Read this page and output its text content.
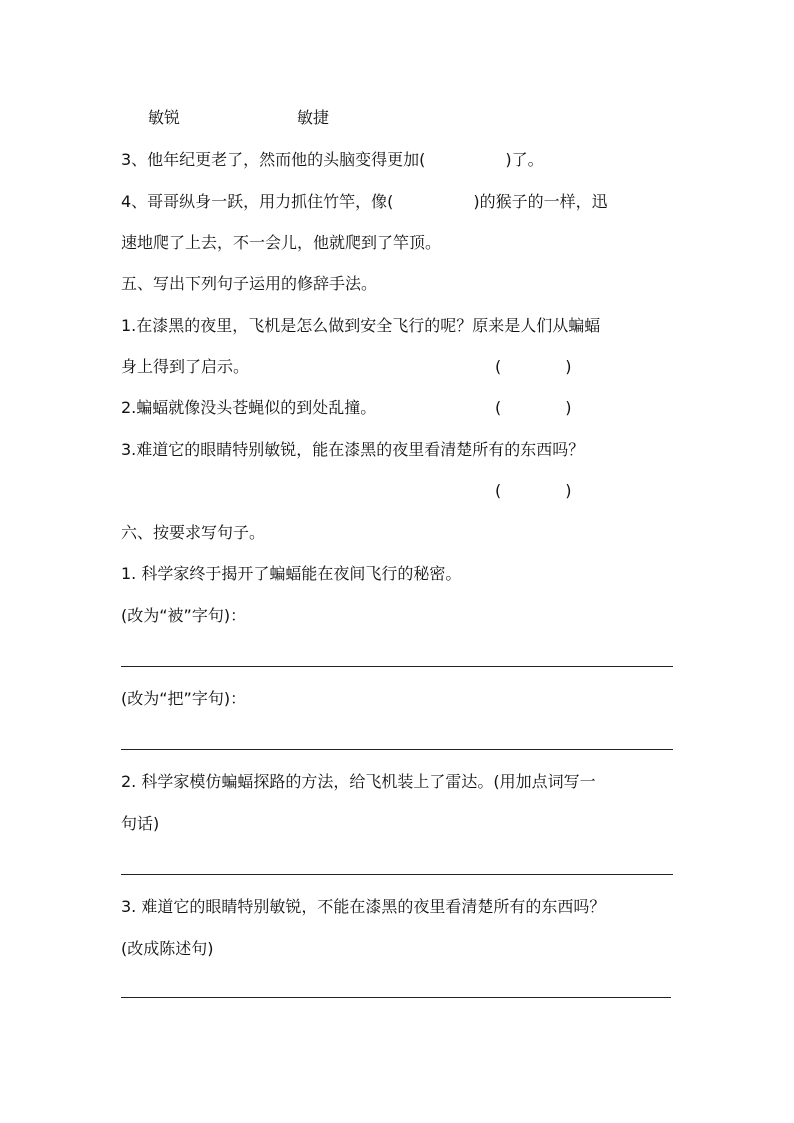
敏锐	敏捷
3、他年纪更老了，然而他的头脑变得更加(　　　　　)了。
4、哥哥纵身一跃，用力抓住竹竿，像(　　　　　)的猴子的一样，迅
速地爬了上去，不一会儿，他就爬到了竿顶。
五、写出下列句子运用的修辞手法。
1.在漆黑的夜里，飞机是怎么做到安全飞行的呢？原来是人们从蝙蝠
身上得到了启示。	(　　　　)
2.蝙蝠就像没头苍蝇似的到处乱撞。	(　　　　)
3.难道它的眼睛特别敏锐，能在漆黑的夜里看清楚所有的东西吗？
(　　　　)
六、按要求写句子。
1. 科学家终于揭开了蝙蝠能在夜间飞行的秘密。
(改为“被”字句)：
(改为“把”字句)：
2. 科学家模仿蝙蝠探路的方法，给飞机装上了雷达。(用加点词写一
句话)
3. 难道它的眼睛特别敏锐，不能在漆黑的夜里看清楚所有的东西吗？
(改成陈述句)
